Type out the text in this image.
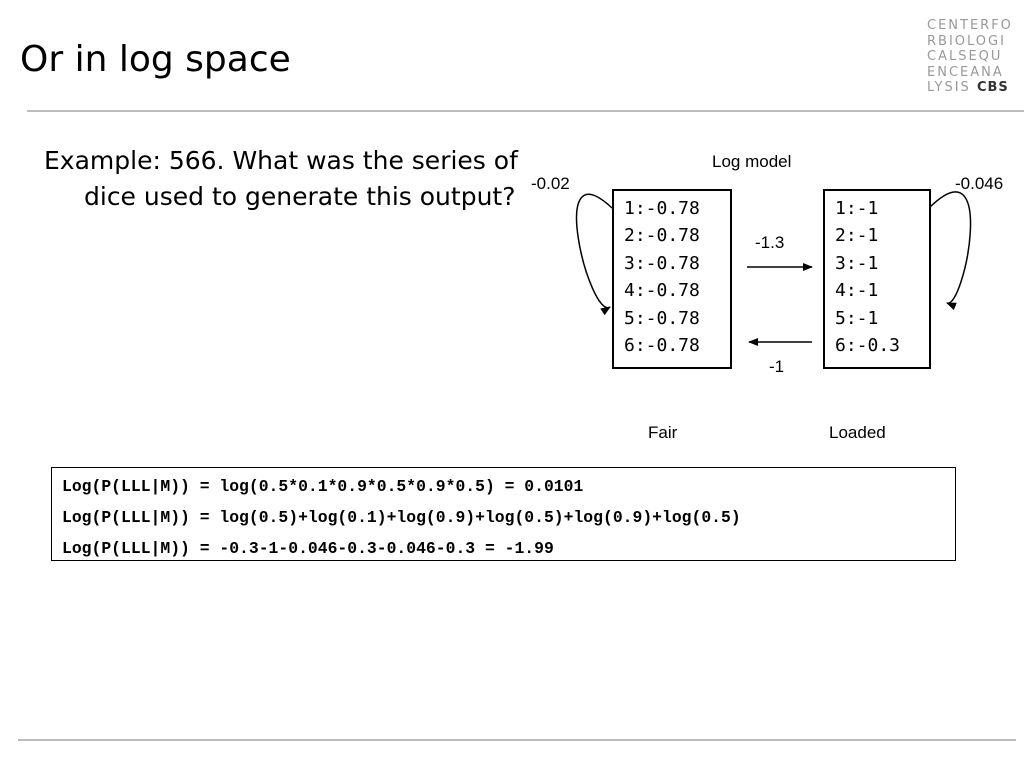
Or in log space
CENTERFO
RBIOLOGI
CALSEQU
ENCEANA
LYSIS CBS
Example: 566. What was the series of dice used to generate this output?
Log model
-0.02	-0.046
-1.3
-1
Fair	Loaded
1:-0.78
2:-0.78
3:-0.78
4:-0.78
5:-0.78
6:-0.78
1:-1
2:-1
3:-1
4:-1
5:-1
6:-0.3
Log(P(LLL|M)) = log(0.5*0.1*0.9*0.5*0.9*0.5) = 0.0101
Log(P(LLL|M)) = log(0.5)+log(0.1)+log(0.9)+log(0.5)+log(0.9)+log(0.5)
Log(P(LLL|M)) = -0.3-1-0.046-0.3-0.046-0.3 = -1.99
